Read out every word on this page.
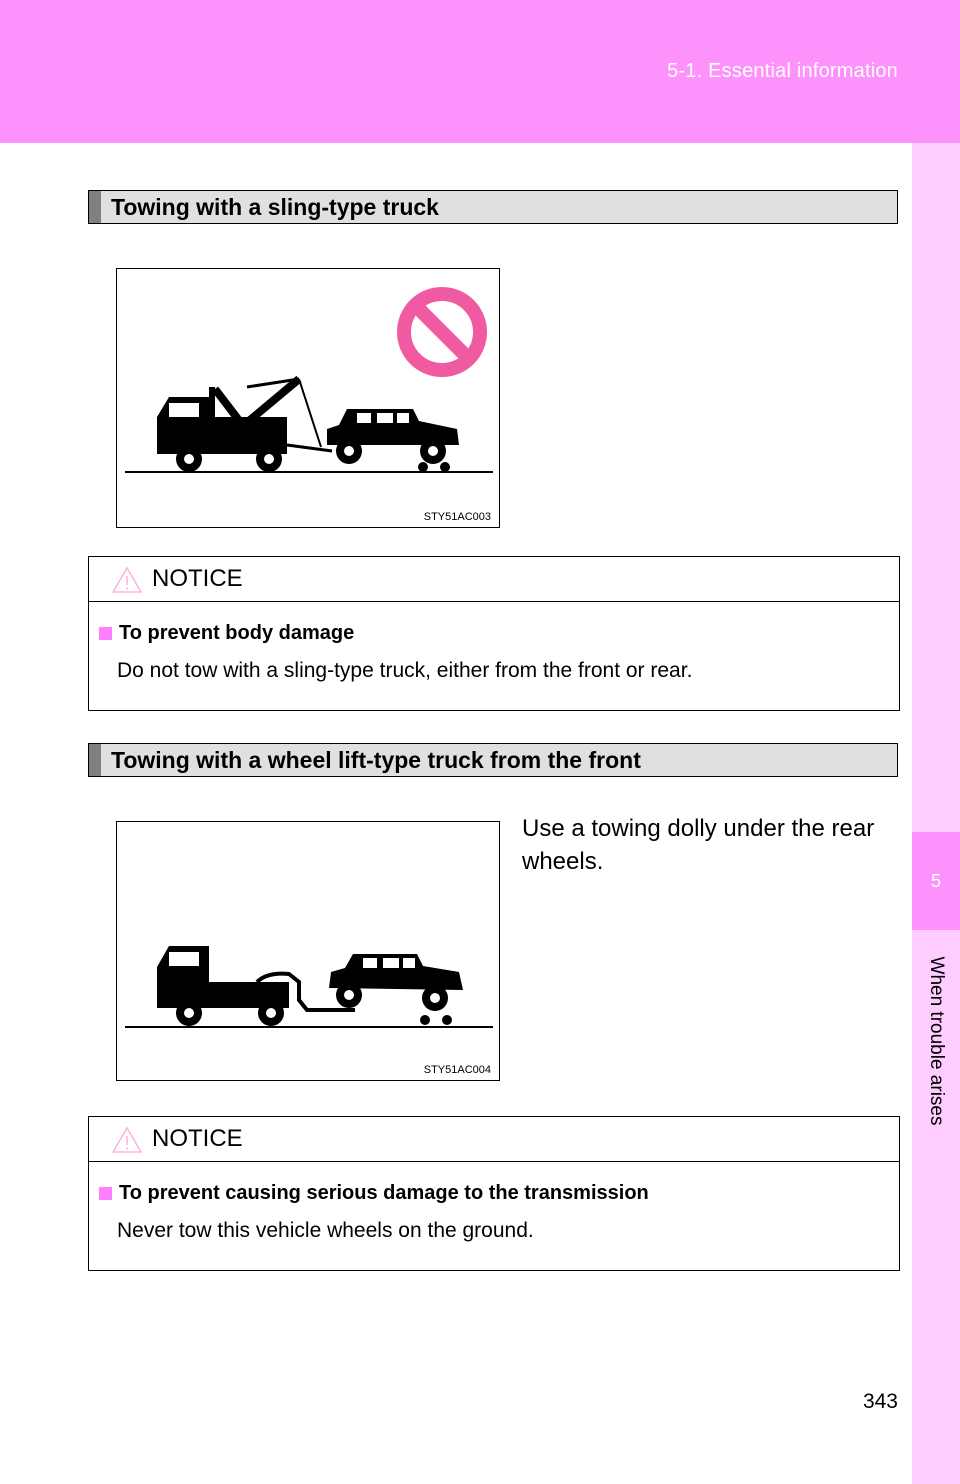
5-1. Essential information
5
When trouble arises
Towing with a sling-type truck
STY51AC003
NOTICE
To prevent body damage
Do not tow with a sling-type truck, either from the front or rear.
Towing with a wheel lift-type truck from the front
Use a towing dolly under the rear wheels.
STY51AC004
NOTICE
To prevent causing serious damage to the transmission
Never tow this vehicle wheels on the ground.
343
